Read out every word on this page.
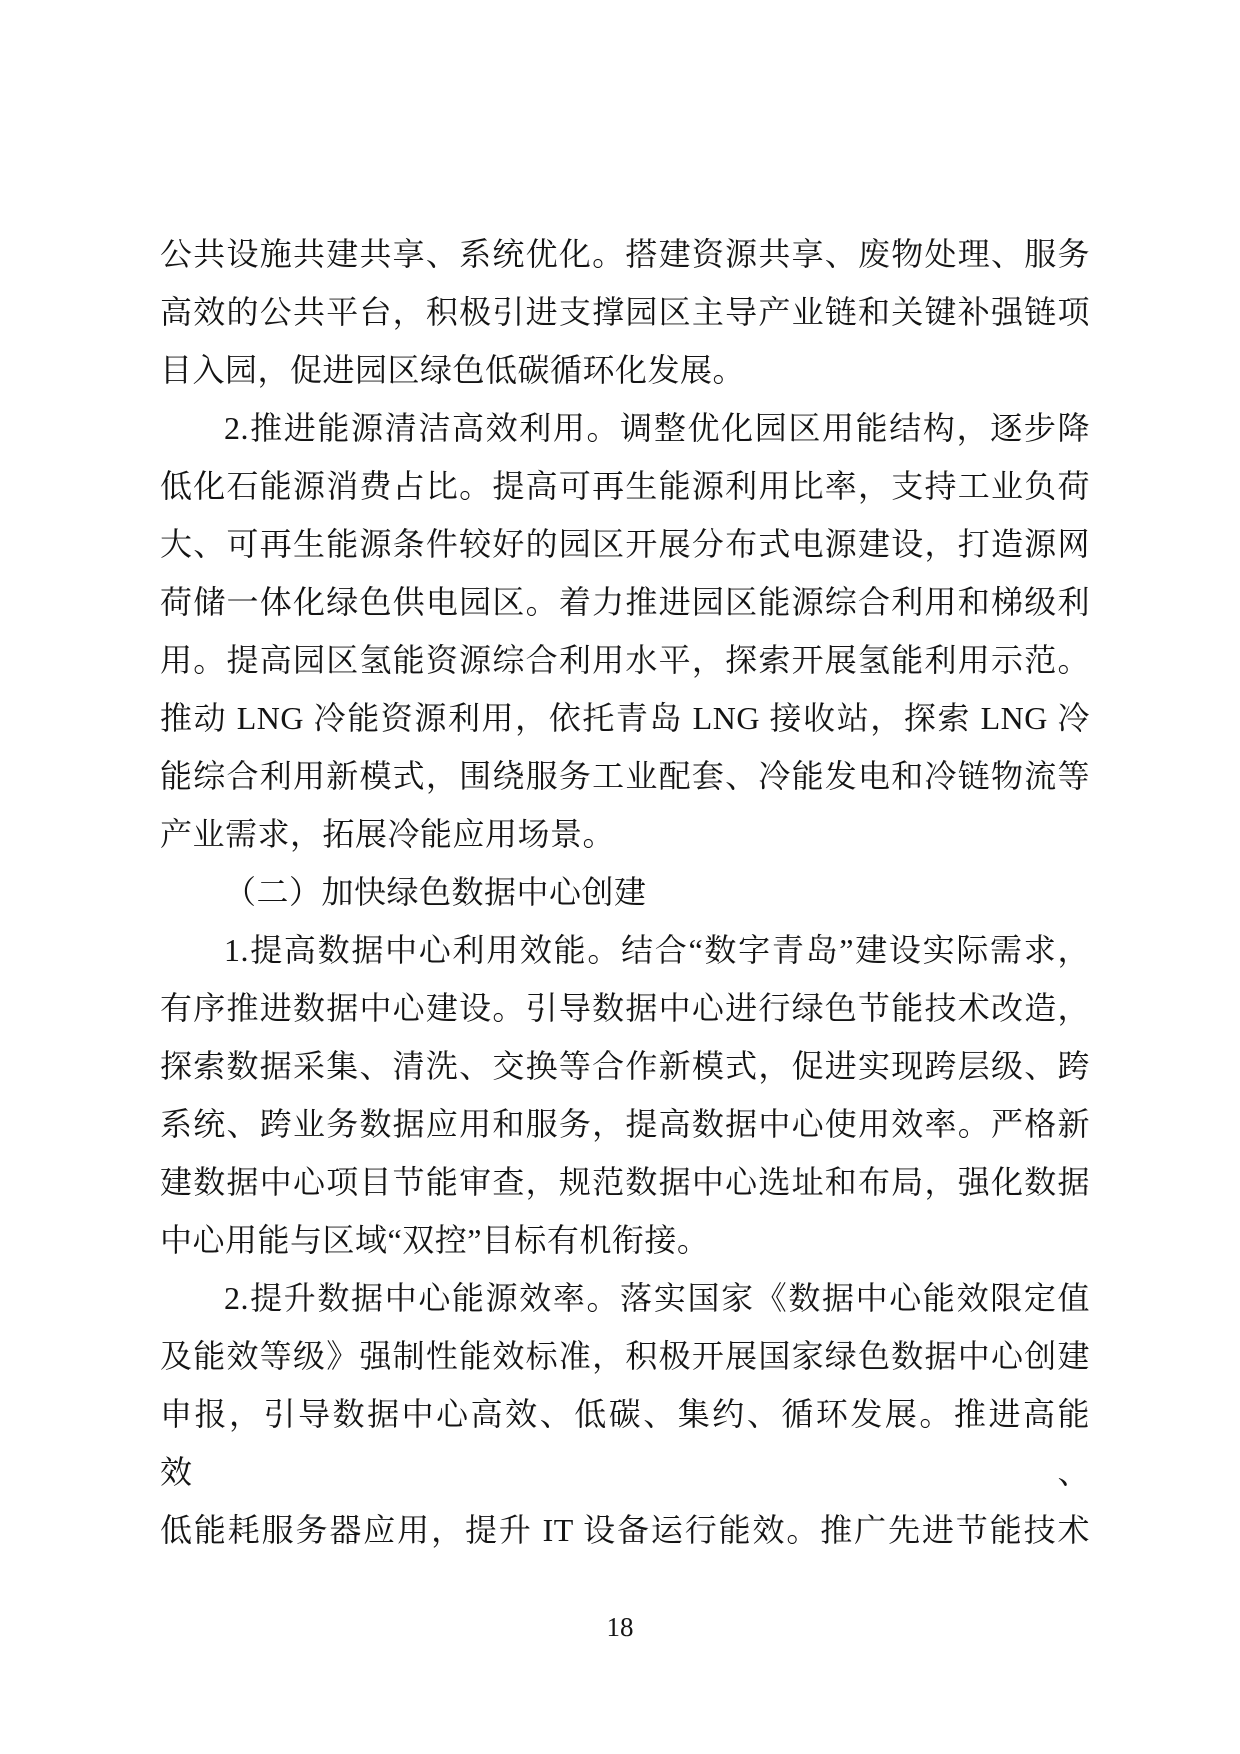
公共设施共建共享、系统优化。搭建资源共享、废物处理、服务
高效的公共平台，积极引进支撑园区主导产业链和关键补强链项
目入园，促进园区绿色低碳循环化发展。
2.推进能源清洁高效利用。调整优化园区用能结构，逐步降
低化石能源消费占比。提高可再生能源利用比率，支持工业负荷
大、可再生能源条件较好的园区开展分布式电源建设，打造源网
荷储一体化绿色供电园区。着力推进园区能源综合利用和梯级利
用。提高园区氢能资源综合利用水平，探索开展氢能利用示范。
推动 LNG 冷能资源利用，依托青岛 LNG 接收站，探索 LNG 冷
能综合利用新模式，围绕服务工业配套、冷能发电和冷链物流等
产业需求，拓展冷能应用场景。
（二）加快绿色数据中心创建
1.提高数据中心利用效能。结合“数字青岛”建设实际需求，
有序推进数据中心建设。引导数据中心进行绿色节能技术改造，
探索数据采集、清洗、交换等合作新模式，促进实现跨层级、跨
系统、跨业务数据应用和服务，提高数据中心使用效率。严格新
建数据中心项目节能审查，规范数据中心选址和布局，强化数据
中心用能与区域“双控”目标有机衔接。
2.提升数据中心能源效率。落实国家《数据中心能效限定值
及能效等级》强制性能效标准，积极开展国家绿色数据中心创建
申报，引导数据中心高效、低碳、集约、循环发展。推进高能效、
低能耗服务器应用，提升 IT 设备运行能效。推广先进节能技术
18
